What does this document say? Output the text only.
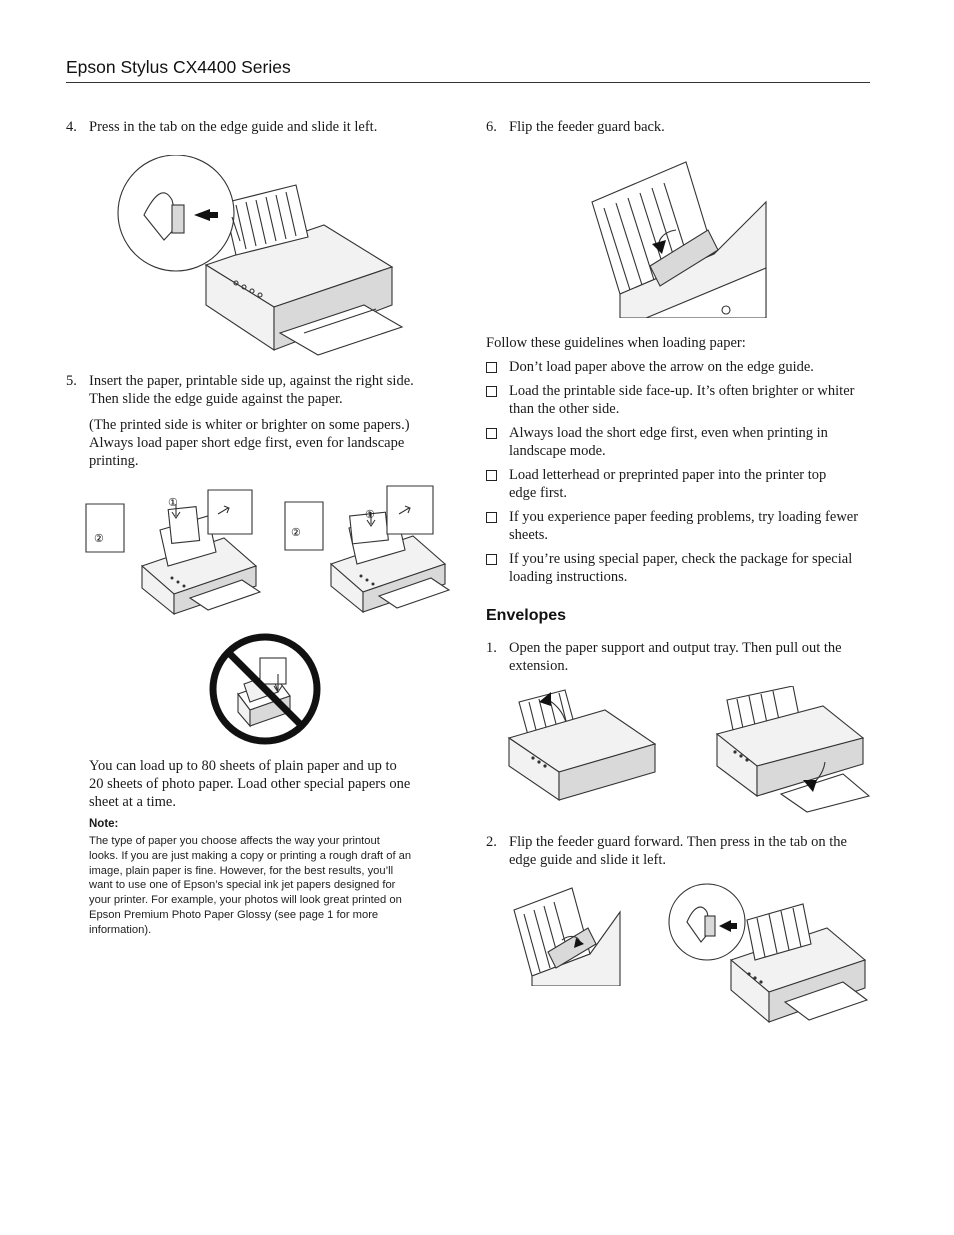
Epson Stylus CX4400 Series
4. Press in the tab on the edge guide and slide it left.
5. Insert the paper, printable side up, against the right side.
Then slide the edge guide against the paper.
(The printed side is whiter or brighter on some papers.)
Always load paper short edge first, even for landscape
printing.
①
②
①
②
You can load up to 80 sheets of plain paper and up to
20 sheets of photo paper. Load other special papers one
sheet at a time.
Note:
The type of paper you choose affects the way your printout
looks. If you are just making a copy or printing a rough draft of an
image, plain paper is fine. However, for the best results, you’ll
want to use one of Epson’s special ink jet papers designed for
your printer. For example, your photos will look great printed on
Epson Premium Photo Paper Glossy (see page 1 for more
information).
6. Flip the feeder guard back.
Follow these guidelines when loading paper:
Don’t load paper above the arrow on the edge guide.
Load the printable side face-up. It’s often brighter or whiter
than the other side.
Always load the short edge first, even when printing in
landscape mode.
Load letterhead or preprinted paper into the printer top
edge first.
If you experience paper feeding problems, try loading fewer
sheets.
If you’re using special paper, check the package for special
loading instructions.
Envelopes
1. Open the paper support and output tray. Then pull out the
extension.
2. Flip the feeder guard forward. Then press in the tab on the
edge guide and slide it left.
